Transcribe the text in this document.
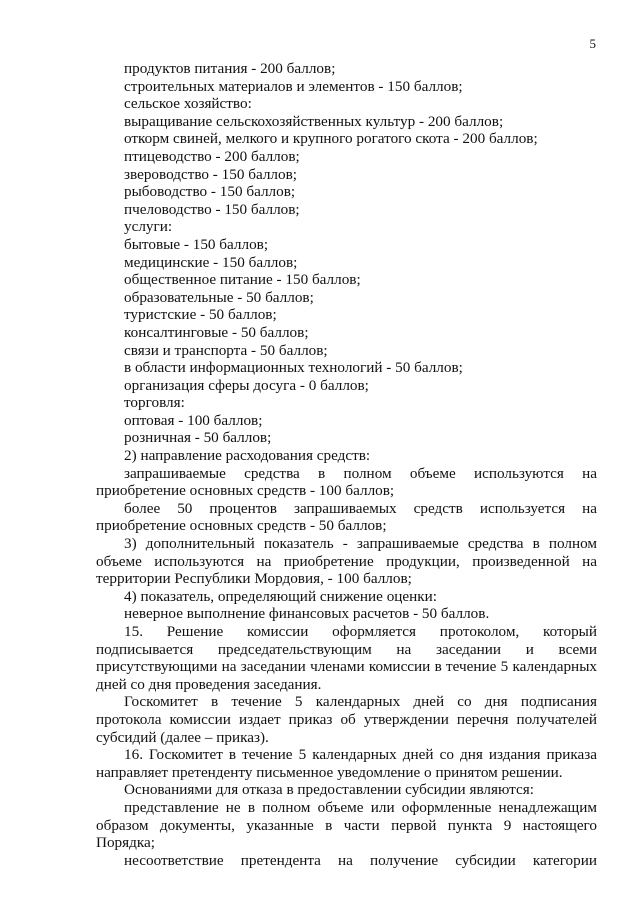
5

продуктов питания - 200 баллов;

строительных материалов и элементов - 150 баллов;

сельское хозяйство:

выращивание сельскохозяйственных культур - 200 баллов;

откорм свиней, мелкого и крупного рогатого скота - 200 баллов;

птицеводство - 200 баллов;

звероводство - 150 баллов;

рыбоводство - 150 баллов;

пчеловодство - 150 баллов;

услуги:

бытовые - 150 баллов;

медицинские - 150 баллов;

общественное питание - 150 баллов;

образовательные - 50 баллов;

туристские - 50 баллов;

консалтинговые - 50 баллов;

связи и транспорта - 50 баллов;

в области информационных технологий - 50 баллов;

организация сферы досуга - 0 баллов;

торговля:

оптовая - 100 баллов;

розничная - 50 баллов;

2) направление расходования средств:

запрашиваемые средства в полном объеме используются на

приобретение основных средств - 100 баллов;

более 50 процентов запрашиваемых средств используется на

приобретение основных средств - 50 баллов;

3) дополнительный показатель - запрашиваемые средства в полном

объеме используются на приобретение продукции, произведенной на

территории Республики Мордовия, - 100 баллов;

4) показатель, определяющий снижение оценки:

неверное выполнение финансовых расчетов - 50 баллов.

15. Решение комиссии оформляется протоколом, который

подписывается председательствующим на заседании и всеми

присутствующими на заседании членами комиссии в течение 5 календарных

дней со дня проведения заседания.

Госкомитет в течение 5 календарных дней со дня подписания

протокола комиссии издает приказ об утверждении перечня получателей

субсидий (далее – приказ).

16. Госкомитет в течение 5 календарных дней со дня издания приказа

направляет претенденту письменное уведомление о принятом решении.

Основаниями для отказа в предоставлении субсидии являются:

представление не в полном объеме или оформленные ненадлежащим

образом документы, указанные в части первой пункта 9 настоящего Порядка;

несоответствие претендента на получение субсидии категории
